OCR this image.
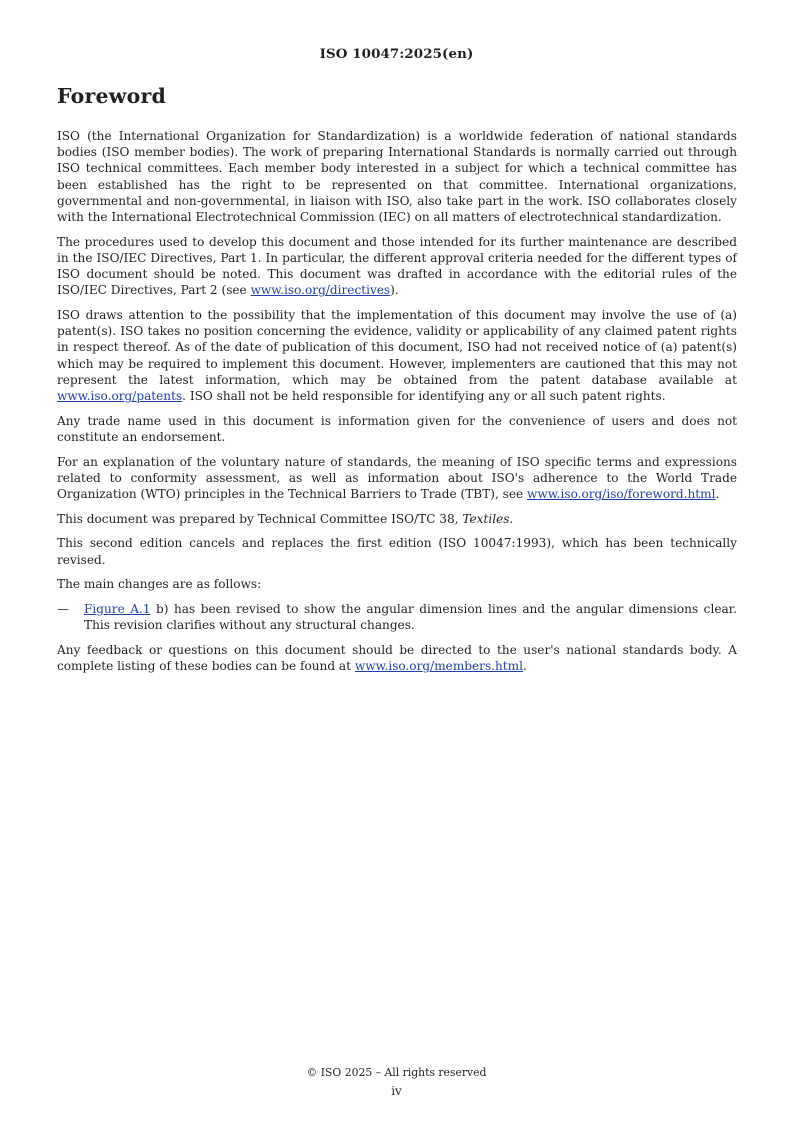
ISO 10047:2025(en)
Foreword

ISO (the International Organization for Standardization) is a worldwide federation of national standards bodies (ISO member bodies). The work of preparing International Standards is normally carried out through ISO technical committees. Each member body interested in a subject for which a technical committee has been established has the right to be represented on that committee. International organizations, governmental and non-governmental, in liaison with ISO, also take part in the work. ISO collaborates closely with the International Electrotechnical Commission (IEC) on all matters of electrotechnical standardization.

The procedures used to develop this document and those intended for its further maintenance are described in the ISO/IEC Directives, Part 1. In particular, the different approval criteria needed for the different types of ISO document should be noted. This document was drafted in accordance with the editorial rules of the ISO/IEC Directives, Part 2 (see www.iso.org/directives).

ISO draws attention to the possibility that the implementation of this document may involve the use of (a) patent(s). ISO takes no position concerning the evidence, validity or applicability of any claimed patent rights in respect thereof. As of the date of publication of this document, ISO had not received notice of (a) patent(s) which may be required to implement this document. However, implementers are cautioned that this may not represent the latest information, which may be obtained from the patent database available at www.iso.org/patents. ISO shall not be held responsible for identifying any or all such patent rights.

Any trade name used in this document is information given for the convenience of users and does not constitute an endorsement.

For an explanation of the voluntary nature of standards, the meaning of ISO specific terms and expressions related to conformity assessment, as well as information about ISO's adherence to the World Trade Organization (WTO) principles in the Technical Barriers to Trade (TBT), see www.iso.org/iso/foreword.html.

This document was prepared by Technical Committee ISO/TC 38, Textiles.

This second edition cancels and replaces the first edition (ISO 10047:1993), which has been technically revised.

The main changes are as follows:

—	Figure A.1 b) has been revised to show the angular dimension lines and the angular dimensions clear. This revision clarifies without any structural changes.

Any feedback or questions on this document should be directed to the user's national standards body. A complete listing of these bodies can be found at www.iso.org/members.html.

© ISO 2025 – All rights reserved
iv
